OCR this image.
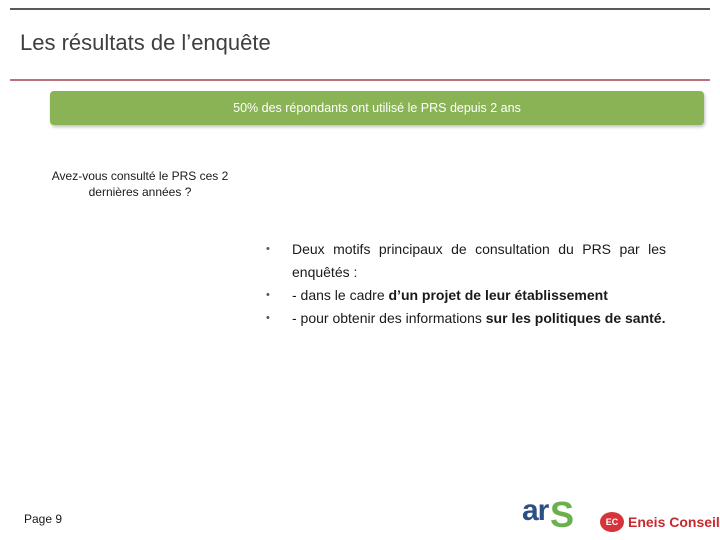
Les résultats de l’enquête
50% des répondants ont utilisé le PRS depuis 2 ans
Avez-vous consulté le PRS ces 2 dernières années ?
•	Deux motifs principaux de consultation du PRS par les enquêtés :
•	- dans le cadre d’un projet de leur établissement
•	- pour obtenir des informations sur les politiques de santé.
Page 9	ar S	EC Eneis Conseil
